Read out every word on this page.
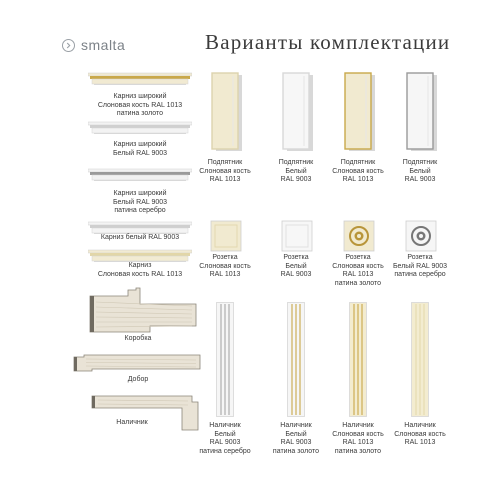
smalta	Варианты комплектации
Карниз широкий
Слоновая кость RAL 1013
патина золото
Карниз широкий
Белый RAL 9003
Карниз широкий
Белый RAL 9003
патина серебро
Карниз белый RAL 9003
Карниз
Слоновая кость RAL 1013
Коробка
Добор
Наличник
Подпятник
Слоновая кость
RAL 1013
Подпятник
Белый
RAL 9003
Подпятник
Слоновая кость
RAL 1013
Подпятник
Белый
RAL 9003
Розетка
Слоновая кость
RAL 1013
Розетка
Белый
RAL 9003
Розетка
Слоновая кость
RAL 1013
патина золото
Розетка
Белый RAL 9003
патина серебро
Наличник
Белый
RAL 9003
патина серебро
Наличник
Белый
RAL 9003
патина золото
Наличник
Слоновая кость
RAL 1013
патина золото
Наличник
Слоновая кость
RAL 1013
